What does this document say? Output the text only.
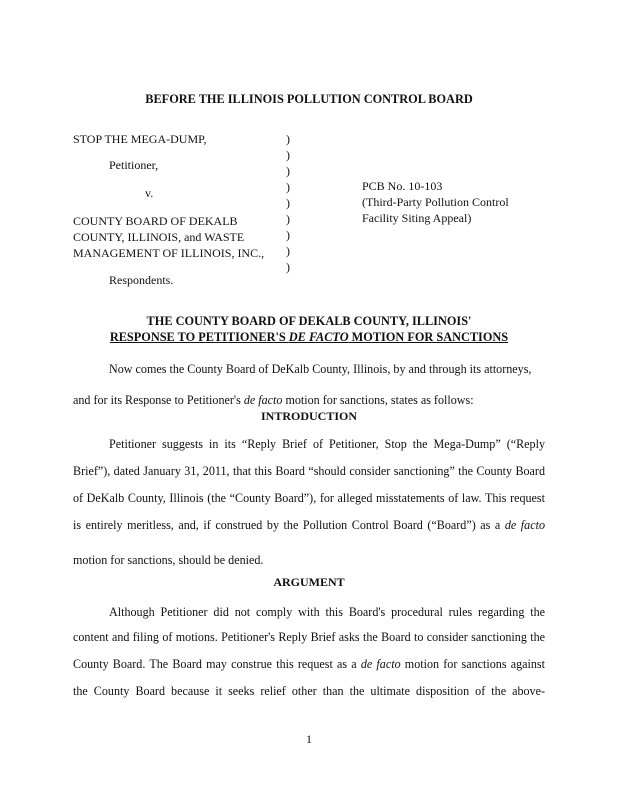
BEFORE THE ILLINOIS POLLUTION CONTROL BOARD
STOP THE MEGA-DUMP,
Petitioner,
v.
COUNTY BOARD OF DEKALB
COUNTY, ILLINOIS, and WASTE
MANAGEMENT OF ILLINOIS, INC.,
Respondents.
)
)
)
)
)
)
)
)
)
PCB No. 10-103
(Third-Party Pollution Control
Facility Siting Appeal)
THE COUNTY BOARD OF DEKALB COUNTY, ILLINOIS'
RESPONSE TO PETITIONER'S DE FACTO MOTION FOR SANCTIONS
Now comes the County Board of DeKalb County, Illinois, by and through its attorneys,
and for its Response to Petitioner's de facto motion for sanctions, states as follows:
INTRODUCTION
Petitioner suggests in its “Reply Brief of Petitioner, Stop the Mega-Dump” (“Reply
Brief”), dated January 31, 2011, that this Board “should consider sanctioning” the County Board
of DeKalb County, Illinois (the “County Board”), for alleged misstatements of law. This request
is entirely meritless, and, if construed by the Pollution Control Board (“Board”) as a de facto
motion for sanctions, should be denied.
ARGUMENT
Although Petitioner did not comply with this Board's procedural rules regarding the
content and filing of motions. Petitioner's Reply Brief asks the Board to consider sanctioning the
County Board. The Board may construe this request as a de facto motion for sanctions against
the County Board because it seeks relief other than the ultimate disposition of the above-
1
